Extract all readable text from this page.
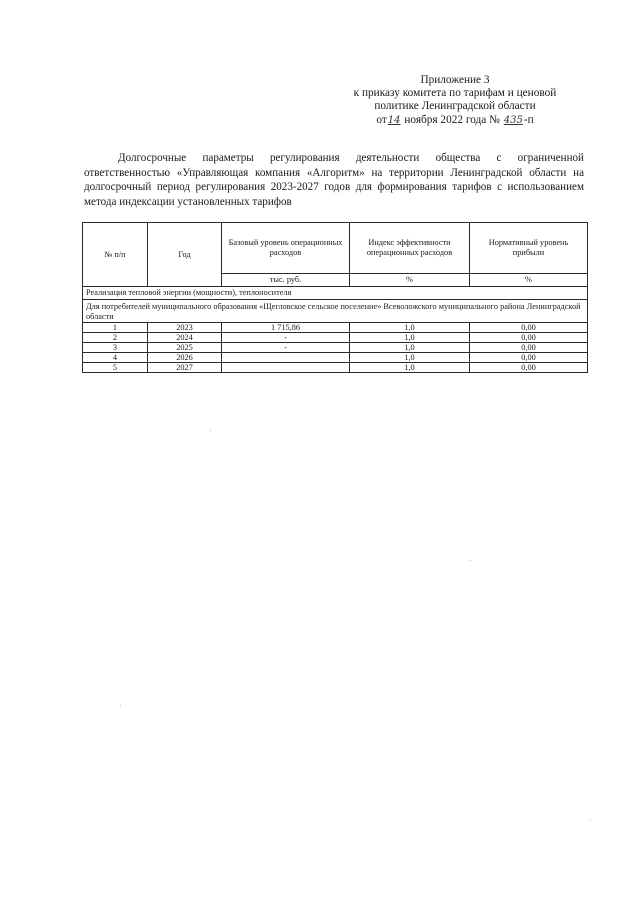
Приложение 3
к приказу комитета по тарифам и ценовой
политике Ленинградской области
от14 ноября 2022 года № 435-п
Долгосрочные параметры регулирования деятельности общества с ограниченной ответственностью «Управляющая компания «Алгоритм» на территории Ленинградской области на долгосрочный период регулирования 2023-2027 годов для формирования тарифов с использованием метода индексации установленных тарифов
№ п/п	Год	Базовый уровень операционных расходов	Индекс эффективности операционных расходов	Нормативный уровень прибыли
		тыс. руб.	%	%
Реализация тепловой энергии (мощности), теплоносителя				
Для потребителей муниципального образования «Щегловское сельское поселение» Всеволожского муниципального района Ленинградской области				
1	2023	1 715,86	1,0	0,00
2	2024	-	1,0	0,00
3	2025	-	1,0	0,00
4	2026		1,0	0,00
5	2027		1,0	0,00
